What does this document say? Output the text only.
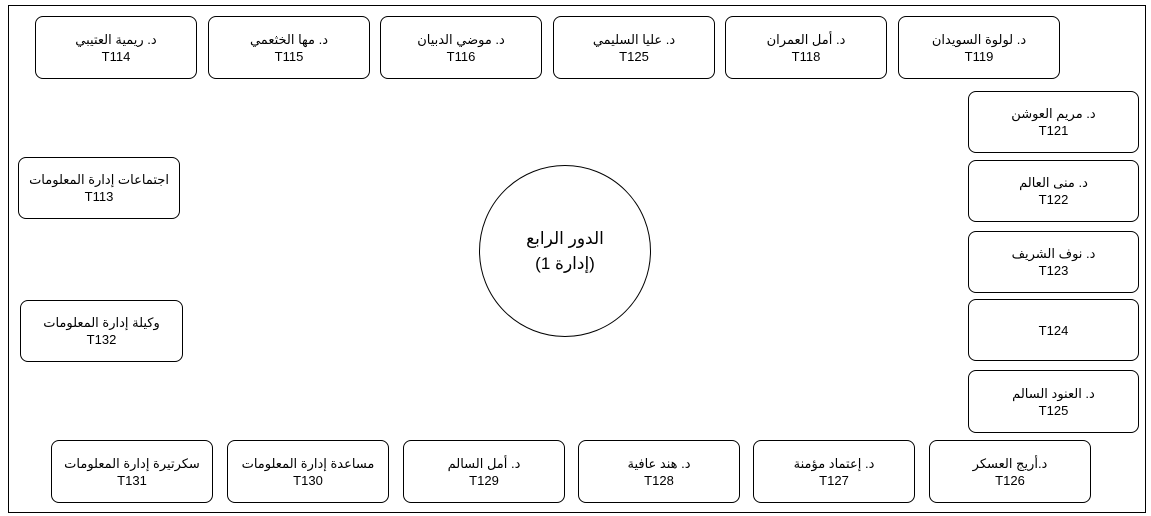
الدور الرابع
(إدارة 1)
د. ريمية العتيبي
T114
د. مها الخثعمي
T115
د. موضي الدبيان
T116
د. عليا السليمي
T125
د. أمل العمران
T118
د. لولوة السويدان
T119
د. مريم العوشن
T121
د. منى العالم
T122
د. نوف الشريف
T123
T124
د. العنود السالم
T125
اجتماعات إدارة المعلومات
T113
وكيلة إدارة المعلومات
T132
سكرتيرة إدارة المعلومات
T131
مساعدة إدارة المعلومات
T130
د. أمل السالم
T129
د. هند عافية
T128
د. إعتماد مؤمنة
T127
د.أريج العسكر
T126
